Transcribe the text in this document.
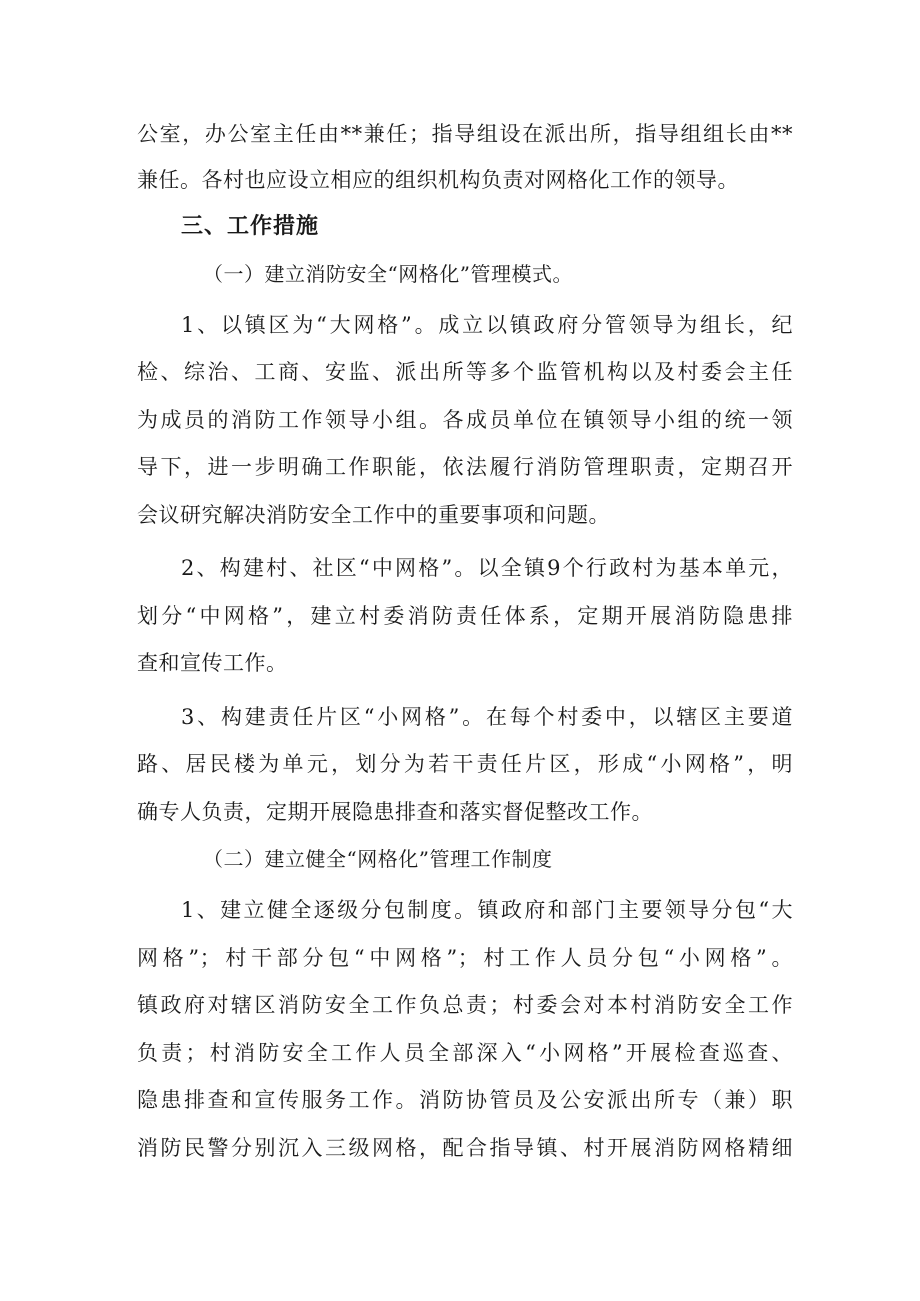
公室，办公室主任由**兼任；指导组设在派出所，指导组组长由**
兼任。各村也应设立相应的组织机构负责对网格化工作的领导。
三、工作措施
（一）建立消防安全“网格化”管理模式。
1、以镇区为“大网格”。成立以镇政府分管领导为组长，纪
检、综治、工商、安监、派出所等多个监管机构以及村委会主任
为成员的消防工作领导小组。各成员单位在镇领导小组的统一领
导下，进一步明确工作职能，依法履行消防管理职责，定期召开
会议研究解决消防安全工作中的重要事项和问题。
2、构建村、社区“中网格”。以全镇9个行政村为基本单元，
划分“中网格”，建立村委消防责任体系，定期开展消防隐患排
查和宣传工作。
3、构建责任片区“小网格”。在每个村委中，以辖区主要道
路、居民楼为单元，划分为若干责任片区，形成“小网格”，明
确专人负责，定期开展隐患排查和落实督促整改工作。
（二）建立健全“网格化”管理工作制度
1、建立健全逐级分包制度。镇政府和部门主要领导分包“大
网格”；村干部分包“中网格”；村工作人员分包“小网格”。
镇政府对辖区消防安全工作负总责；村委会对本村消防安全工作
负责；村消防安全工作人员全部深入“小网格”开展检查巡查、
隐患排查和宣传服务工作。消防协管员及公安派出所专（兼）职
消防民警分别沉入三级网格，配合指导镇、村开展消防网格精细
